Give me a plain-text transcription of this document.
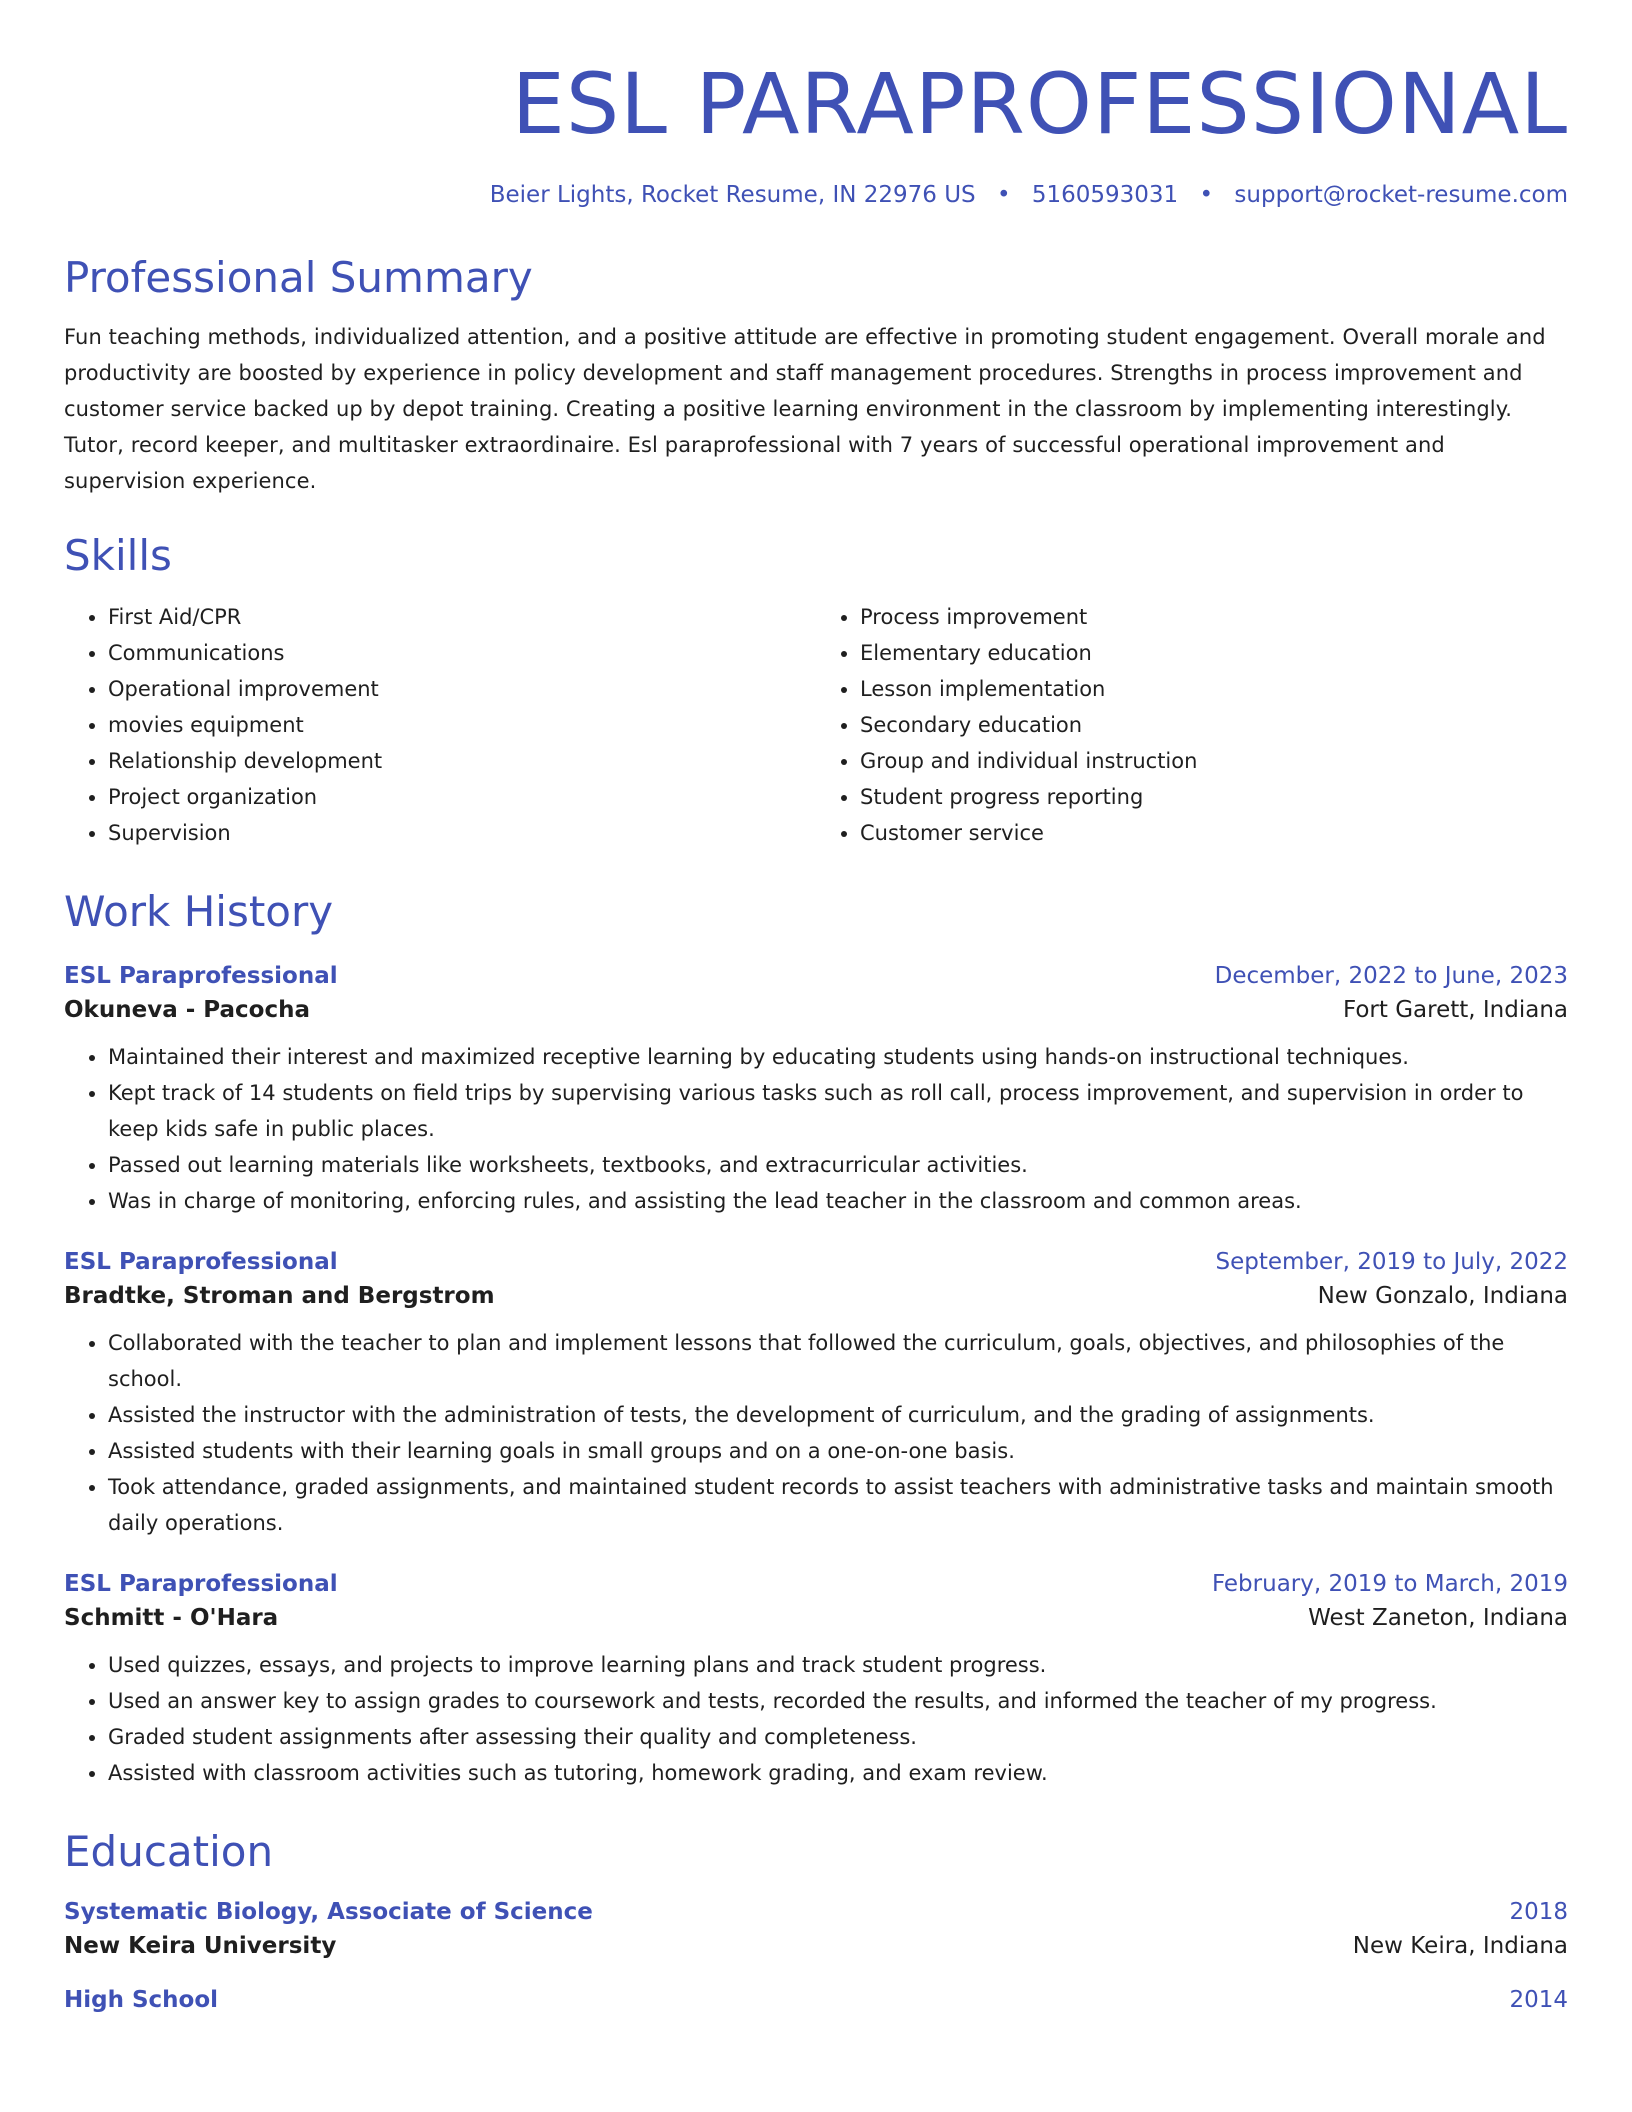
ESL PARAPROFESSIONAL
Beier Lights, Rocket Resume, IN 22976 US • 5160593031 • support@rocket-resume.com
Professional Summary
Fun teaching methods, individualized attention, and a positive attitude are effective in promoting student engagement. Overall morale and productivity are boosted by experience in policy development and staff management procedures. Strengths in process improvement and customer service backed up by depot training. Creating a positive learning environment in the classroom by implementing interestingly. Tutor, record keeper, and multitasker extraordinaire. Esl paraprofessional with 7 years of successful operational improvement and supervision experience.
Skills
• First Aid/CPR
• Communications
• Operational improvement
• movies equipment
• Relationship development
• Project organization
• Supervision
• Process improvement
• Elementary education
• Lesson implementation
• Secondary education
• Group and individual instruction
• Student progress reporting
• Customer service
Work History
ESL Paraprofessional	December, 2022 to June, 2023
Okuneva - Pacocha	Fort Garett, Indiana
• Maintained their interest and maximized receptive learning by educating students using hands-on instructional techniques.
• Kept track of 14 students on field trips by supervising various tasks such as roll call, process improvement, and supervision in order to keep kids safe in public places.
• Passed out learning materials like worksheets, textbooks, and extracurricular activities.
• Was in charge of monitoring, enforcing rules, and assisting the lead teacher in the classroom and common areas.
ESL Paraprofessional	September, 2019 to July, 2022
Bradtke, Stroman and Bergstrom	New Gonzalo, Indiana
• Collaborated with the teacher to plan and implement lessons that followed the curriculum, goals, objectives, and philosophies of the school.
• Assisted the instructor with the administration of tests, the development of curriculum, and the grading of assignments.
• Assisted students with their learning goals in small groups and on a one-on-one basis.
• Took attendance, graded assignments, and maintained student records to assist teachers with administrative tasks and maintain smooth daily operations.
ESL Paraprofessional	February, 2019 to March, 2019
Schmitt - O'Hara	West Zaneton, Indiana
• Used quizzes, essays, and projects to improve learning plans and track student progress.
• Used an answer key to assign grades to coursework and tests, recorded the results, and informed the teacher of my progress.
• Graded student assignments after assessing their quality and completeness.
• Assisted with classroom activities such as tutoring, homework grading, and exam review.
Education
Systematic Biology, Associate of Science	2018
New Keira University	New Keira, Indiana
High School	2014
